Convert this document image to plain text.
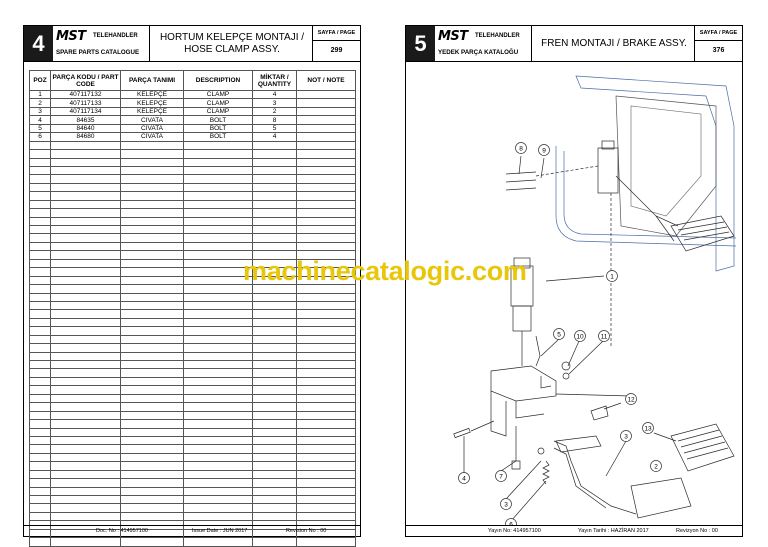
4 MST TELEHANDLER
SPARE PARTS CATALOGUE
HORTUM KELEPÇE MONTAJI /
HOSE CLAMP ASSY.
SAYFA / PAGE
299
POZ	PARÇA KODU / PART CODE	PARÇA TANIMI	DESCRIPTION	MİKTAR / QUANTITY	NOT / NOTE
1	407117132	KELEPÇE	CLAMP	4	
2	407117133	KELEPÇE	CLAMP	3	
3	407117134	KELEPÇE	CLAMP	2	
4	84635	CIVATA	BOLT	8	
5	84640	CIVATA	BOLT	5	
6	84680	CIVATA	BOLT	4	

Doc. No : 414957100	Issue Date : JUN 2017	Revision No : 00
5 MST TELEHANDLER
YEDEK PARÇA KATALOĞU
FREN MONTAJI / BRAKE ASSY.
SAYFA / PAGE
376
8	9
1
5 10	11
12
3
13
2
4	7
3
6
Yayın No: 414957100	Yayın Tarihi : HAZİRAN 2017	Revizyon No : 00
machinecatalogic.com
